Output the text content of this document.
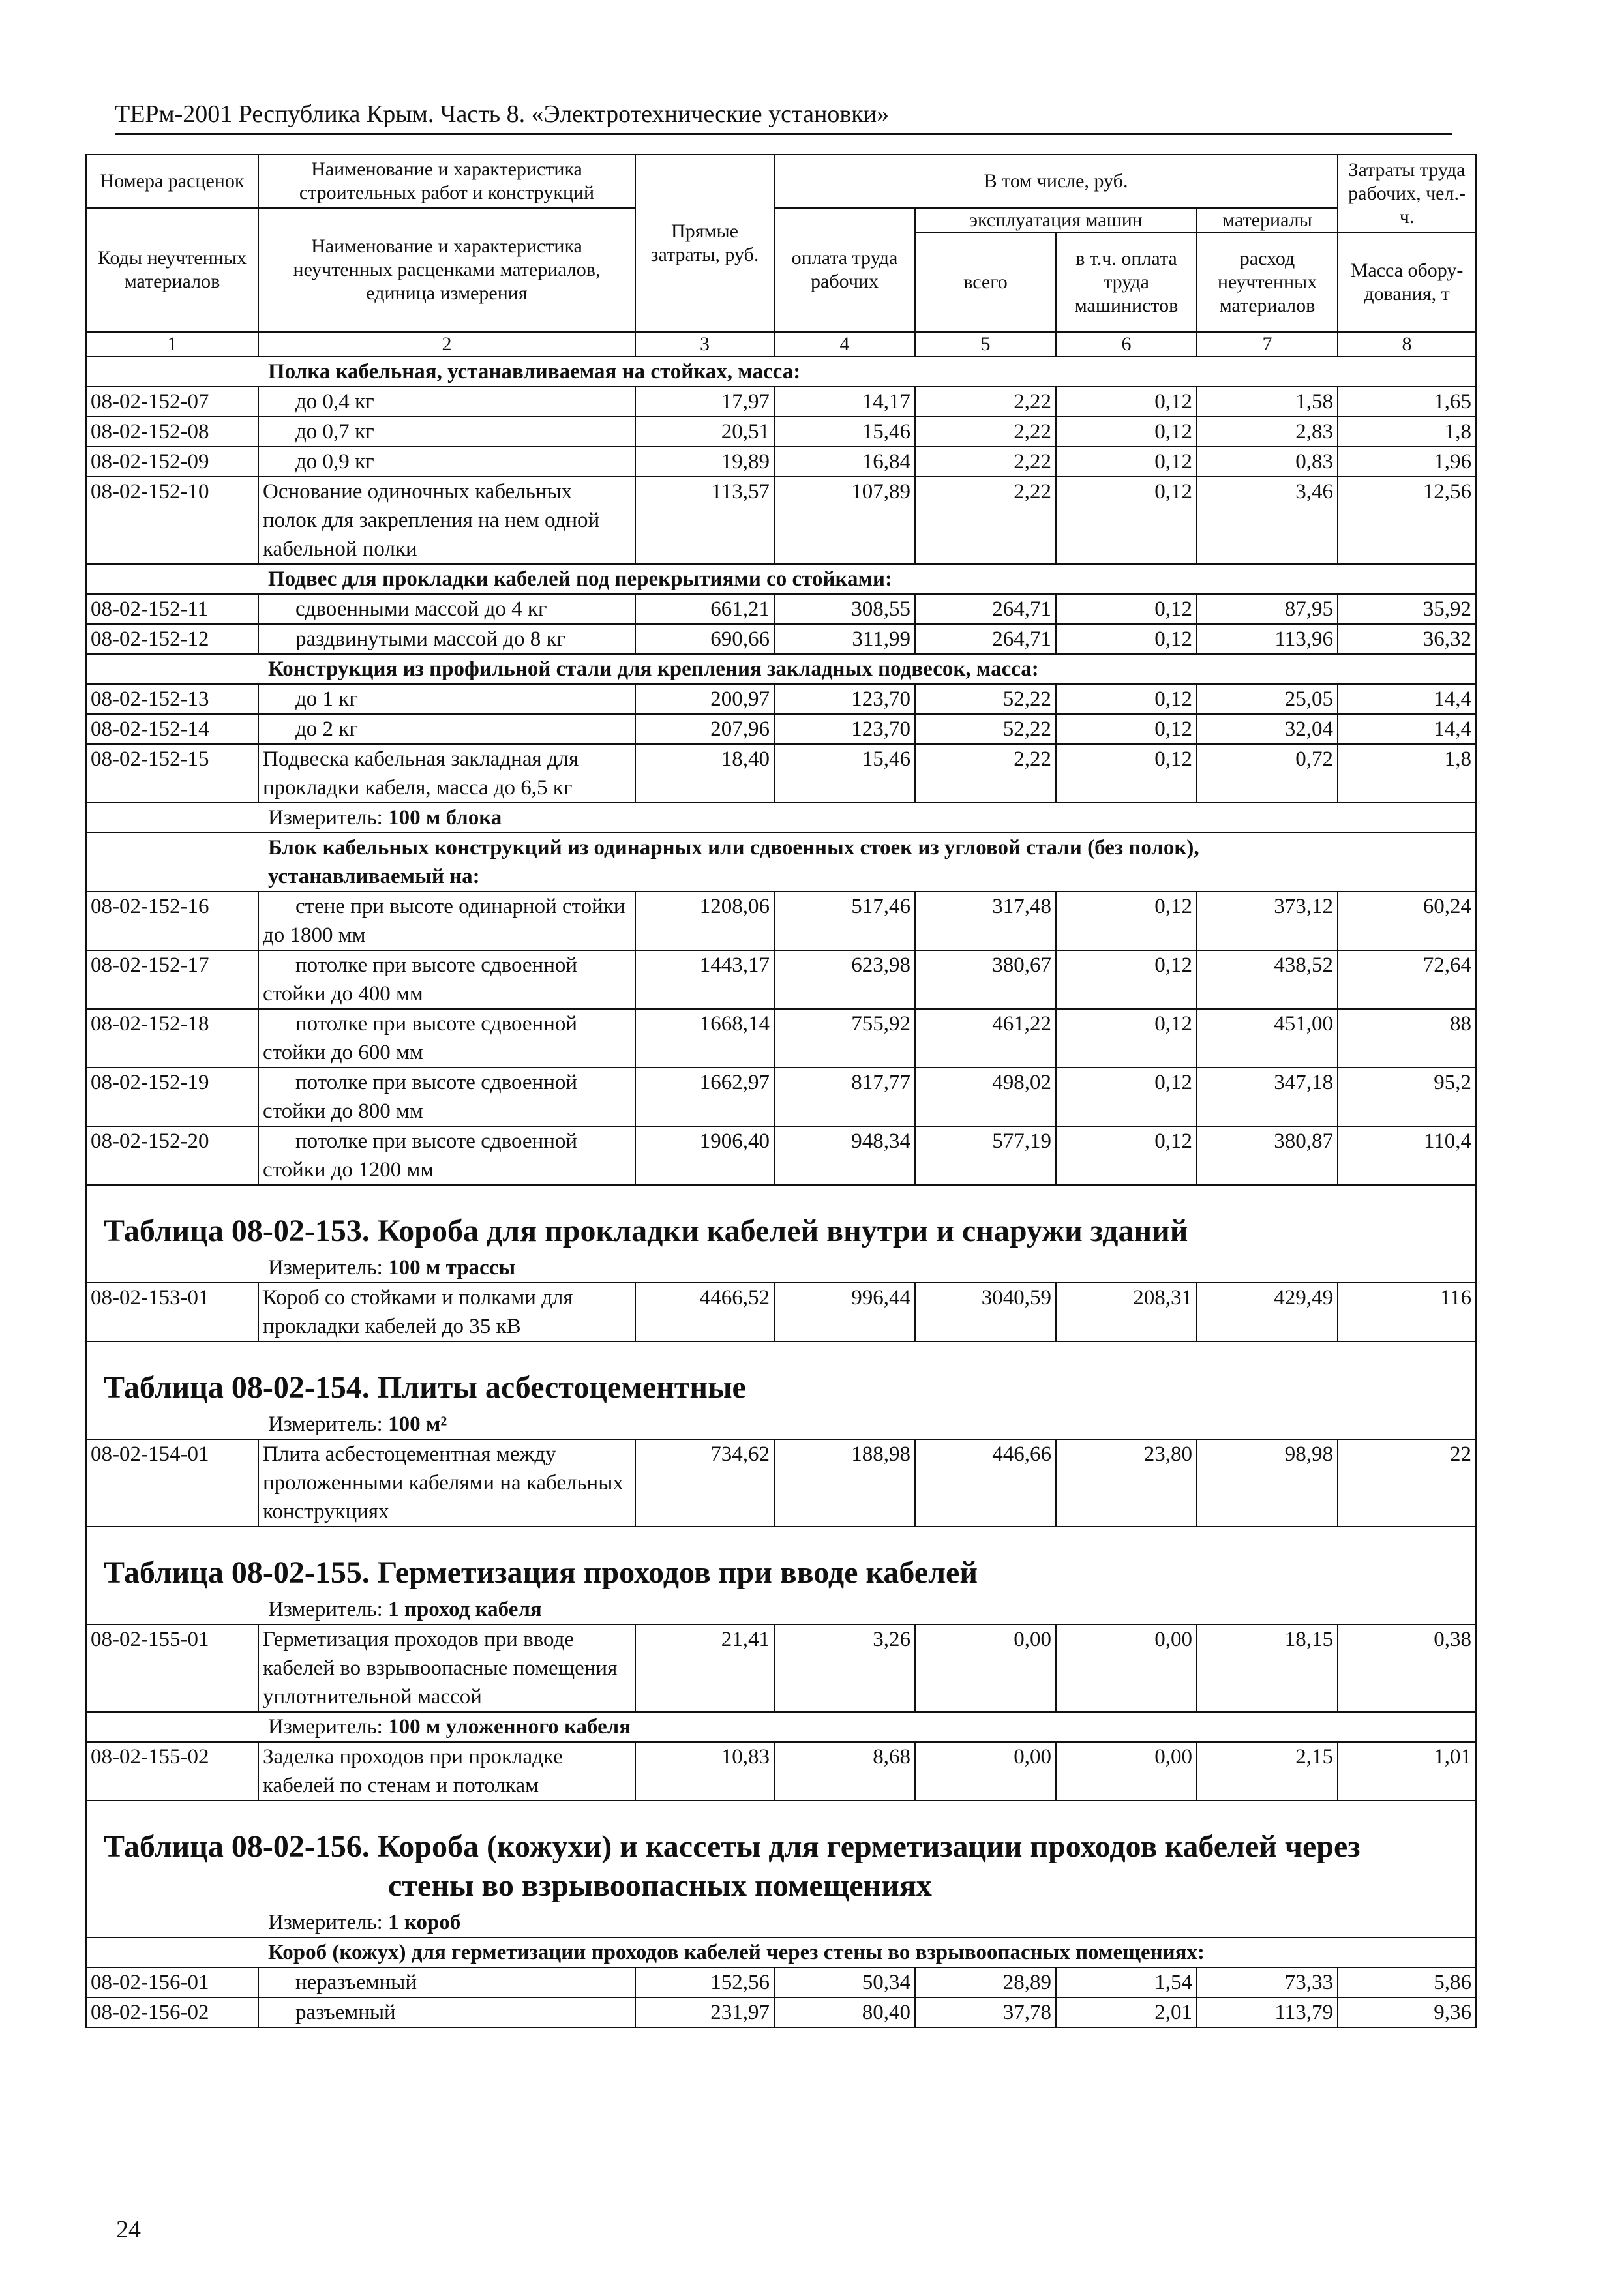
ТЕРм-2001 Республика Крым. Часть 8. «Электротехнические установки»
Номера расценок	Наименование и характеристика строительных работ и конструкций	Прямые затраты, руб.	В том числе, руб.				Затраты труда рабочих, чел.-ч.
Коды неучтенных материалов	Наименование и характеристика неучтенных расценками материалов, единица измерения		оплата труда рабочих	эксплуатация машин		материалы	
				всего	в т.ч. оплата труда машинистов	расход неучтенных материалов	Масса обору-дования, т
1	2	3	4	5	6	7	8
Полка кабельная, устанавливаемая на стойках, масса:							
08-02-152-07	до 0,4 кг	17,97	14,17	2,22	0,12	1,58	1,65
08-02-152-08	до 0,7 кг	20,51	15,46	2,22	0,12	2,83	1,8
08-02-152-09	до 0,9 кг	19,89	16,84	2,22	0,12	0,83	1,96
08-02-152-10	Основание одиночных кабельных полок для закрепления на нем одной кабельной полки	113,57	107,89	2,22	0,12	3,46	12,56
Подвес для прокладки кабелей под перекрытиями со стойками:							
08-02-152-11	сдвоенными массой до 4 кг	661,21	308,55	264,71	0,12	87,95	35,92
08-02-152-12	раздвинутыми массой до 8 кг	690,66	311,99	264,71	0,12	113,96	36,32
Конструкция из профильной стали для крепления закладных подвесок, масса:							
08-02-152-13	до 1 кг	200,97	123,70	52,22	0,12	25,05	14,4
08-02-152-14	до 2 кг	207,96	123,70	52,22	0,12	32,04	14,4
08-02-152-15	Подвеска кабельная закладная для прокладки кабеля, масса до 6,5 кг	18,40	15,46	2,22	0,12	0,72	1,8
Измеритель: 100 м блока							
Блок кабельных конструкций из одинарных или сдвоенных стоек из угловой стали (без полок), устанавливаемый на:							
08-02-152-16	стене при высоте одинарной стойки до 1800 мм	1208,06	517,46	317,48	0,12	373,12	60,24
08-02-152-17	потолке при высоте сдвоенной стойки до 400 мм	1443,17	623,98	380,67	0,12	438,52	72,64
08-02-152-18	потолке при высоте сдвоенной стойки до 600 мм	1668,14	755,92	461,22	0,12	451,00	88
08-02-152-19	потолке при высоте сдвоенной стойки до 800 мм	1662,97	817,77	498,02	0,12	347,18	95,2
08-02-152-20	потолке при высоте сдвоенной стойки до 1200 мм	1906,40	948,34	577,19	0,12	380,87	110,4

Таблица 08-02-153. Короба для прокладки кабелей внутри и снаружи зданий							

Измеритель: 100 м трассы							
08-02-153-01	Короб со стойками и полками для прокладки кабелей до 35 кВ	4466,52	996,44	3040,59	208,31	429,49	116

Таблица 08-02-154. Плиты асбестоцементные							

Измеритель: 100 м²							
08-02-154-01	Плита асбестоцементная между проложенными кабелями на кабельных конструкциях	734,62	188,98	446,66	23,80	98,98	22

Таблица 08-02-155. Герметизация проходов при вводе кабелей							

Измеритель: 1 проход кабеля							
08-02-155-01	Герметизация проходов при вводе кабелей во взрывоопасные помещения уплотнительной массой	21,41	3,26	0,00	0,00	18,15	0,38
Измеритель: 100 м уложенного кабеля							
08-02-155-02	Заделка проходов при прокладке кабелей по стенам и потолкам	10,83	8,68	0,00	0,00	2,15	1,01

Таблица 08-02-156. Короба (кожухи) и кассеты для герметизации проходов кабелей через
стены во взрывоопасных помещениях							

Измеритель: 1 короб							
Короб (кожух) для герметизации проходов кабелей через стены во взрывоопасных помещениях:							
08-02-156-01	неразъемный	152,56	50,34	28,89	1,54	73,33	5,86
08-02-156-02	разъемный	231,97	80,40	37,78	2,01	113,79	9,36
24
